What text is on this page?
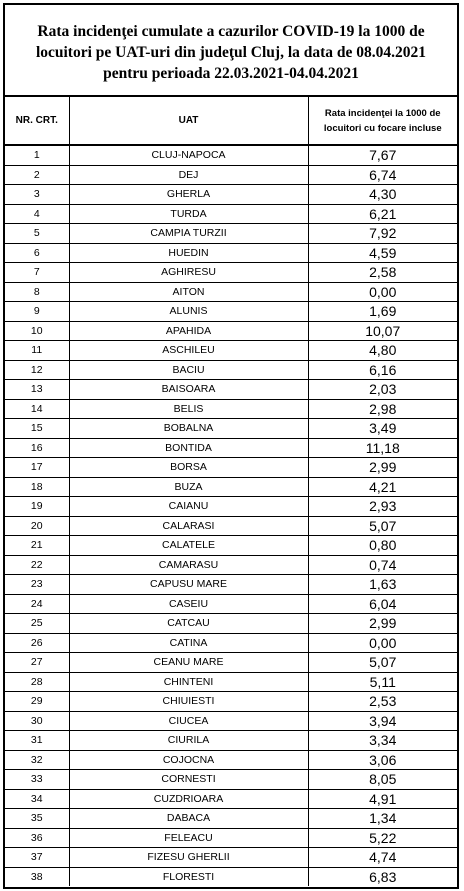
Rata incidenţei cumulate a cazurilor COVID-19 la 1000 de
locuitori pe UAT-uri din judeţul Cluj, la data de 08.04.2021
pentru perioada 22.03.2021-04.04.2021
NR. CRT.	UAT	Rata incidenţei la 1000 de
locuitori cu focare incluse
1	CLUJ-NAPOCA	7,67
2	DEJ	6,74
3	GHERLA	4,30
4	TURDA	6,21
5	CAMPIA TURZII	7,92
6	HUEDIN	4,59
7	AGHIRESU	2,58
8	AITON	0,00
9	ALUNIS	1,69
10	APAHIDA	10,07
11	ASCHILEU	4,80
12	BACIU	6,16
13	BAISOARA	2,03
14	BELIS	2,98
15	BOBALNA	3,49
16	BONTIDA	11,18
17	BORSA	2,99
18	BUZA	4,21
19	CAIANU	2,93
20	CALARASI	5,07
21	CALATELE	0,80
22	CAMARASU	0,74
23	CAPUSU MARE	1,63
24	CASEIU	6,04
25	CATCAU	2,99
26	CATINA	0,00
27	CEANU MARE	5,07
28	CHINTENI	5,11
29	CHIUIESTI	2,53
30	CIUCEA	3,94
31	CIURILA	3,34
32	COJOCNA	3,06
33	CORNESTI	8,05
34	CUZDRIOARA	4,91
35	DABACA	1,34
36	FELEACU	5,22
37	FIZESU GHERLII	4,74
38	FLORESTI	6,83
